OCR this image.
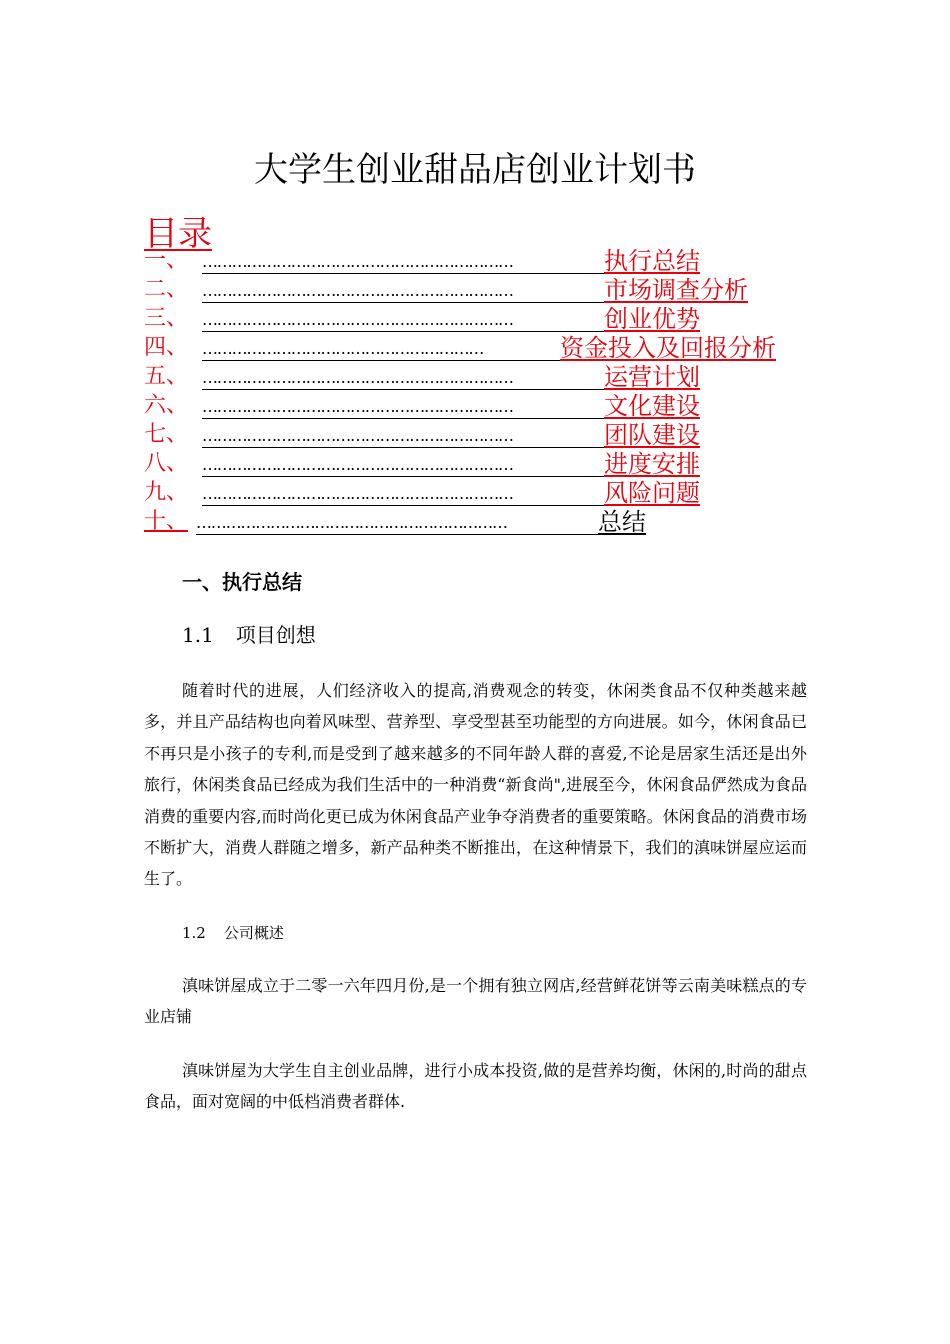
大学生创业甜品店创业计划书
目录
一、 ………………………………………………………	执行总结
二、 ………………………………………………………	市场调查分析
三、 ………………………………………………………	创业优势
四、 …………………………………………………	资金投入及回报分析
五、 ………………………………………………………	运营计划
六、 ………………………………………………………	文化建设
七、 ………………………………………………………	团队建设
八、 ………………………………………………………	进度安排
九、 ………………………………………………………	风险问题
十、 ………………………………………………………	总结
一、执行总结
1.1 项目创想

随着时代的进展，人们经济收入的提高,消费观念的转变，休闲类食品不仅种类越来越多，并且产品结构也向着风味型、营养型、享受型甚至功能型的方向进展。如今，休闲食品已不再只是小孩子的专利,而是受到了越来越多的不同年龄人群的喜爱,不论是居家生活还是出外旅行，休闲类食品已经成为我们生活中的一种消费“新食尚",进展至今，休闲食品俨然成为食品消费的重要内容,而时尚化更已成为休闲食品产业争夺消费者的重要策略。休闲食品的消费市场不断扩大，消费人群随之增多，新产品种类不断推出，在这种情景下，我们的滇味饼屋应运而生了。

1.2 公司概述

滇味饼屋成立于二零一六年四月份,是一个拥有独立网店,经营鲜花饼等云南美味糕点的专业店铺

滇味饼屋为大学生自主创业品牌，进行小成本投资,做的是营养均衡，休闲的,时尚的甜点食品，面对宽阔的中低档消费者群体.
